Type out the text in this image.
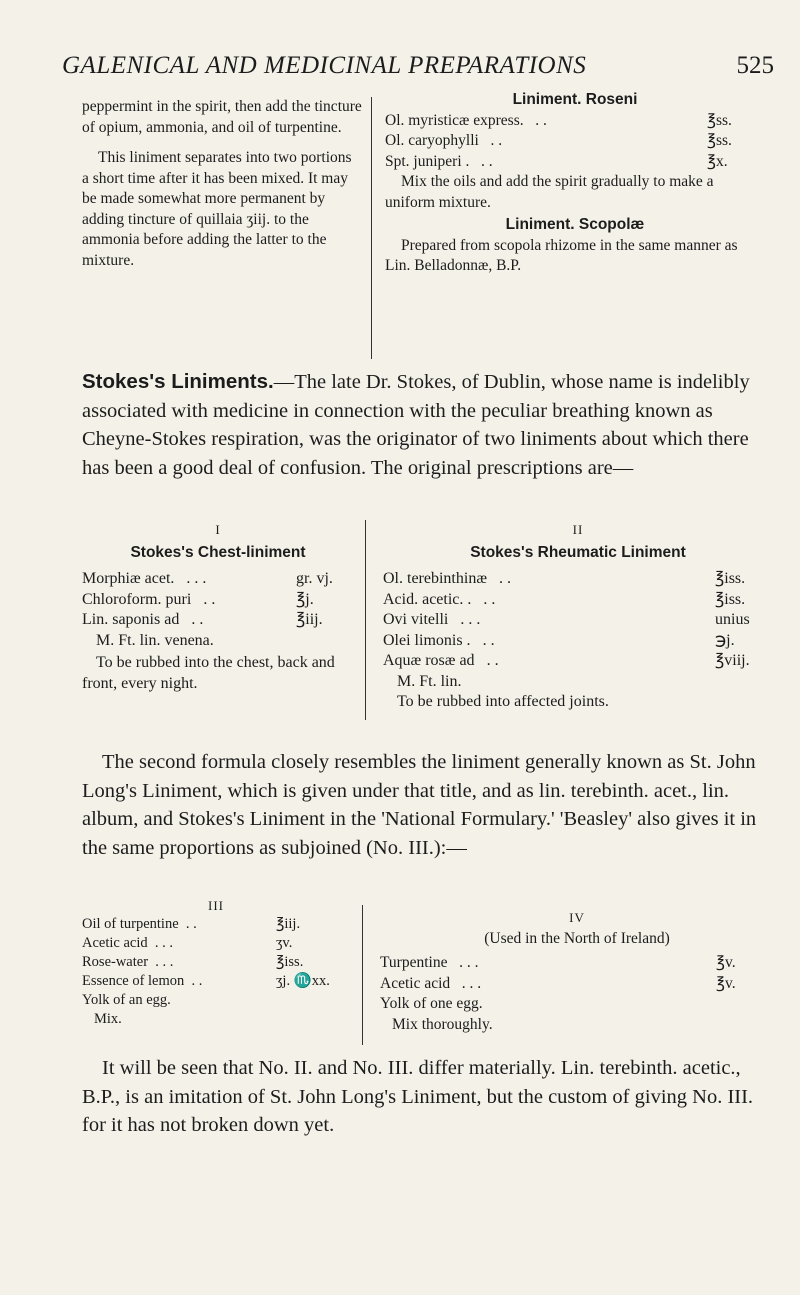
GALENICAL AND MEDICINAL PREPARATIONS	525

peppermint in the spirit, then add the tincture of opium, ammonia, and oil of turpentine.

This liniment separates into two portions a short time after it has been mixed. It may be made somewhat more permanent by adding tincture of quillaia ʒiij. to the ammonia before adding the latter to the mixture.

Liniment. Roseni
Ol. myristicæ express. . .	℥ss.
Ol. caryophylli . .	℥ss.
Spt. juniperi . . .	℥x.
Mix the oils and add the spirit gradually to make a uniform mixture.
Liniment. Scopolæ
Prepared from scopola rhizome in the same manner as Lin. Belladonnæ, B.P.

Stokes's Liniments.—The late Dr. Stokes, of Dublin, whose name is indelibly associated with medicine in connection with the peculiar breathing known as Cheyne-Stokes respiration, was the originator of two liniments about which there has been a good deal of confusion. The original prescriptions are—

I
Stokes's Chest-liniment
Morphiæ acet. . . .	gr. vj.
Chloroform. puri . .	℥j.
Lin. saponis ad . .	℥iij.
M. Ft. lin. venena.
To be rubbed into the chest, back and front, every night.
II
Stokes's Rheumatic Liniment
Ol. terebinthinæ . .	℥iss.
Acid. acetic. . . .	℥iss.
Ovi vitelli . . .	unius
Olei limonis . . .	℈j.
Aquæ rosæ ad . .	℥viij.
M. Ft. lin.
To be rubbed into affected joints.

The second formula closely resembles the liniment generally known as St. John Long's Liniment, which is given under that title, and as lin. terebinth. acet., lin. album, and Stokes's Liniment in the 'National Formulary.' 'Beasley' also gives it in the same proportions as subjoined (No. III.):—

III
Oil of turpentine . .	℥iij.
Acetic acid . . .	ʒv.
Rose-water . . .	℥iss.
Essence of lemon . .	ʒj. ♏xx.
Yolk of an egg.
Mix.
IV
(Used in the North of Ireland)
Turpentine . . .	℥v.
Acetic acid . . .	℥v.
Yolk of one egg.
Mix thoroughly.

It will be seen that No. II. and No. III. differ materially. Lin. terebinth. acetic., B.P., is an imitation of St. John Long's Liniment, but the custom of giving No. III. for it has not broken down yet.
